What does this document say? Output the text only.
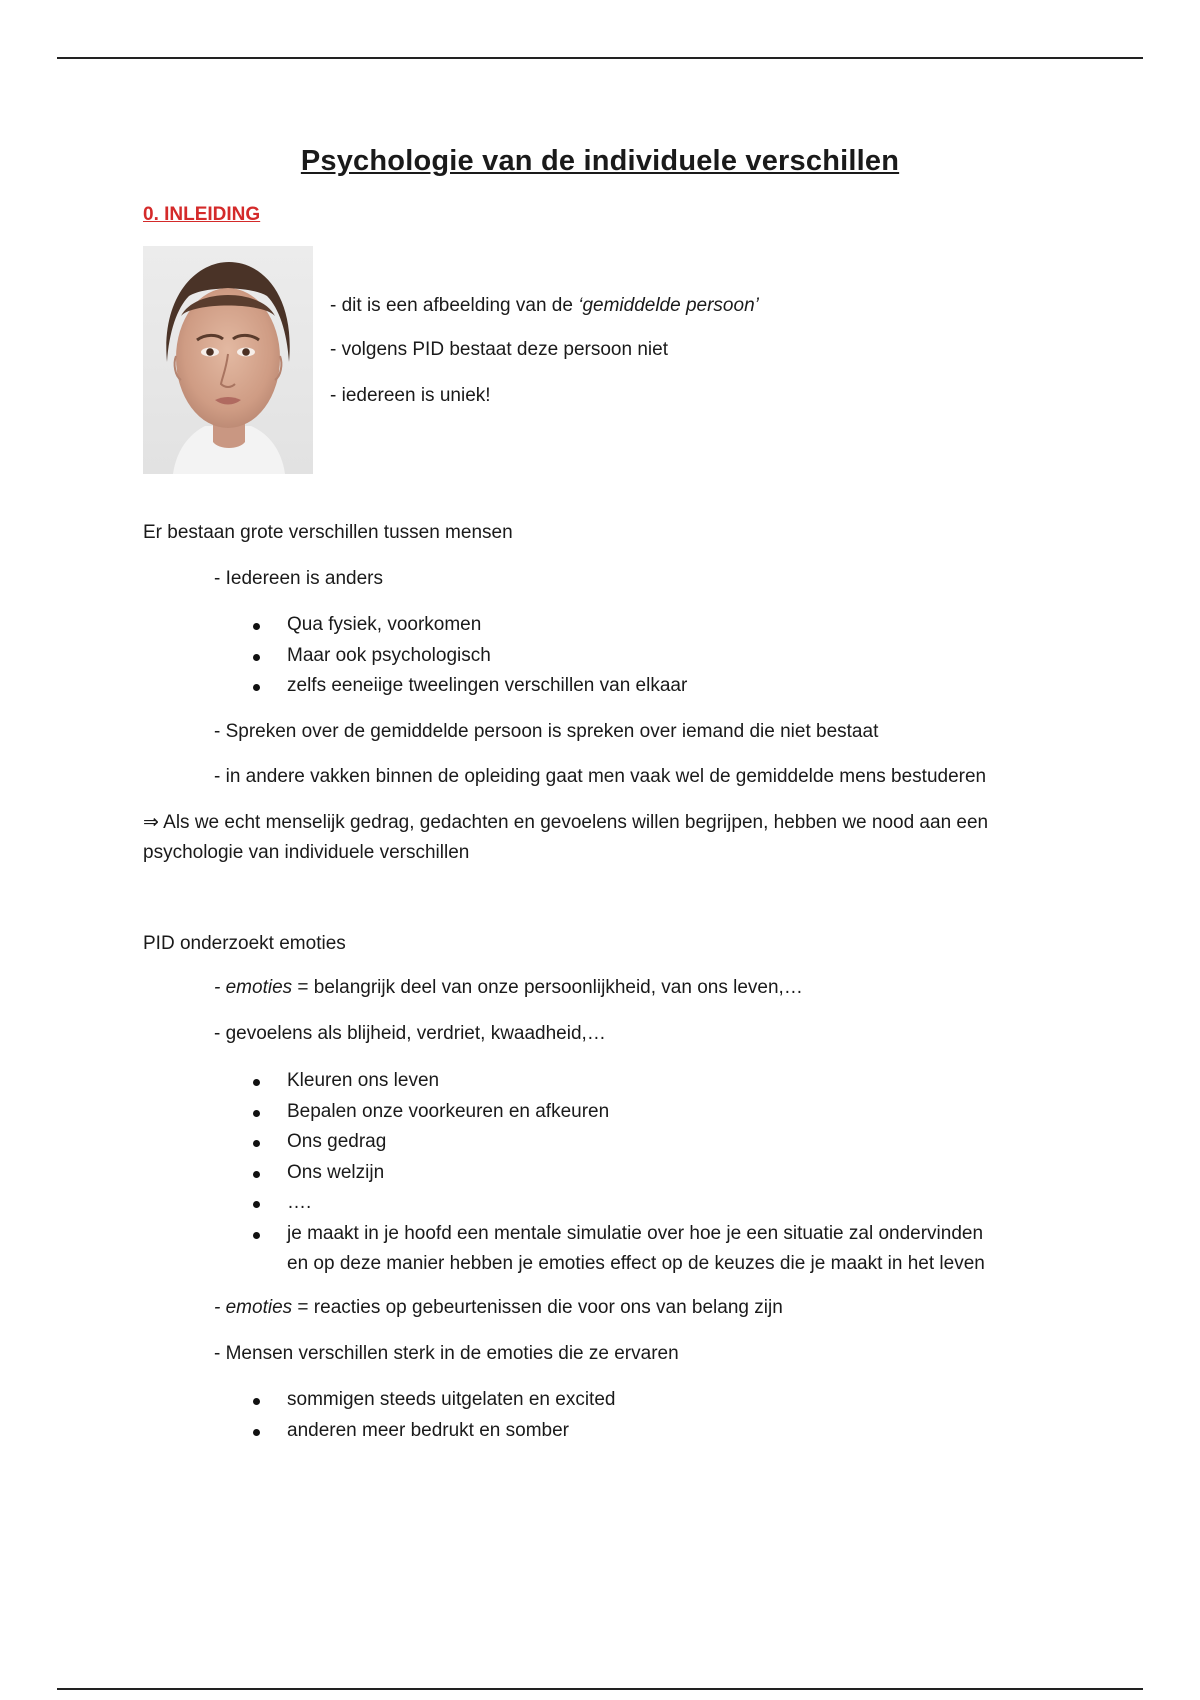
Psychologie van de individuele verschillen
0. INLEIDING
- dit is een afbeelding van de ‘gemiddelde persoon’
- volgens PID bestaat deze persoon niet
- iedereen is uniek!
Er bestaan grote verschillen tussen mensen
- Iedereen is anders
Qua fysiek, voorkomen
Maar ook psychologisch
zelfs eeneiige tweelingen verschillen van elkaar
- Spreken over de gemiddelde persoon is spreken over iemand die niet bestaat
- in andere vakken binnen de opleiding gaat men vaak wel de gemiddelde mens bestuderen
⇒ Als we echt menselijk gedrag, gedachten en gevoelens willen begrijpen, hebben we nood aan een
psychologie van individuele verschillen
PID onderzoekt emoties
- emoties = belangrijk deel van onze persoonlijkheid, van ons leven,…
- gevoelens als blijheid, verdriet, kwaadheid,…
Kleuren ons leven
Bepalen onze voorkeuren en afkeuren
Ons gedrag
Ons welzijn
….
je maakt in je hoofd een mentale simulatie over hoe je een situatie zal ondervinden
en op deze manier hebben je emoties effect op de keuzes die je maakt in het leven
- emoties = reacties op gebeurtenissen die voor ons van belang zijn
- Mensen verschillen sterk in de emoties die ze ervaren
sommigen steeds uitgelaten en excited
anderen meer bedrukt en somber
